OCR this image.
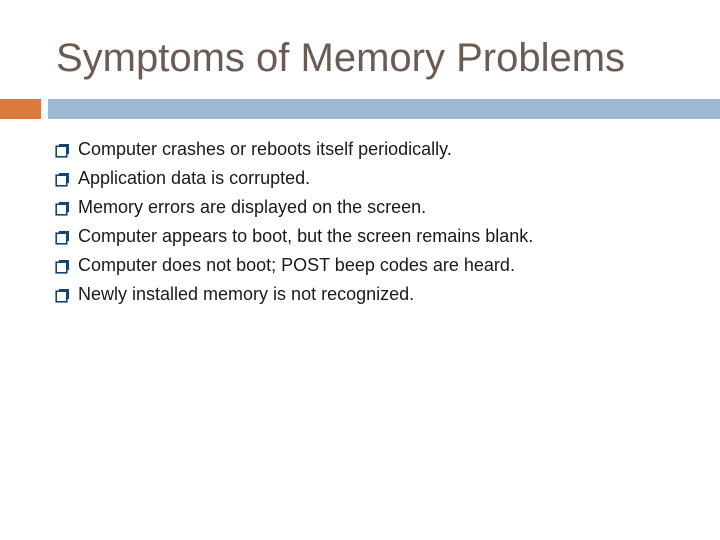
Symptoms of Memory Problems
Computer crashes or reboots itself periodically.
Application data is corrupted.
Memory errors are displayed on the screen.
Computer appears to boot, but the screen remains blank.
Computer does not boot; POST beep codes are heard.
Newly installed memory is not recognized.
